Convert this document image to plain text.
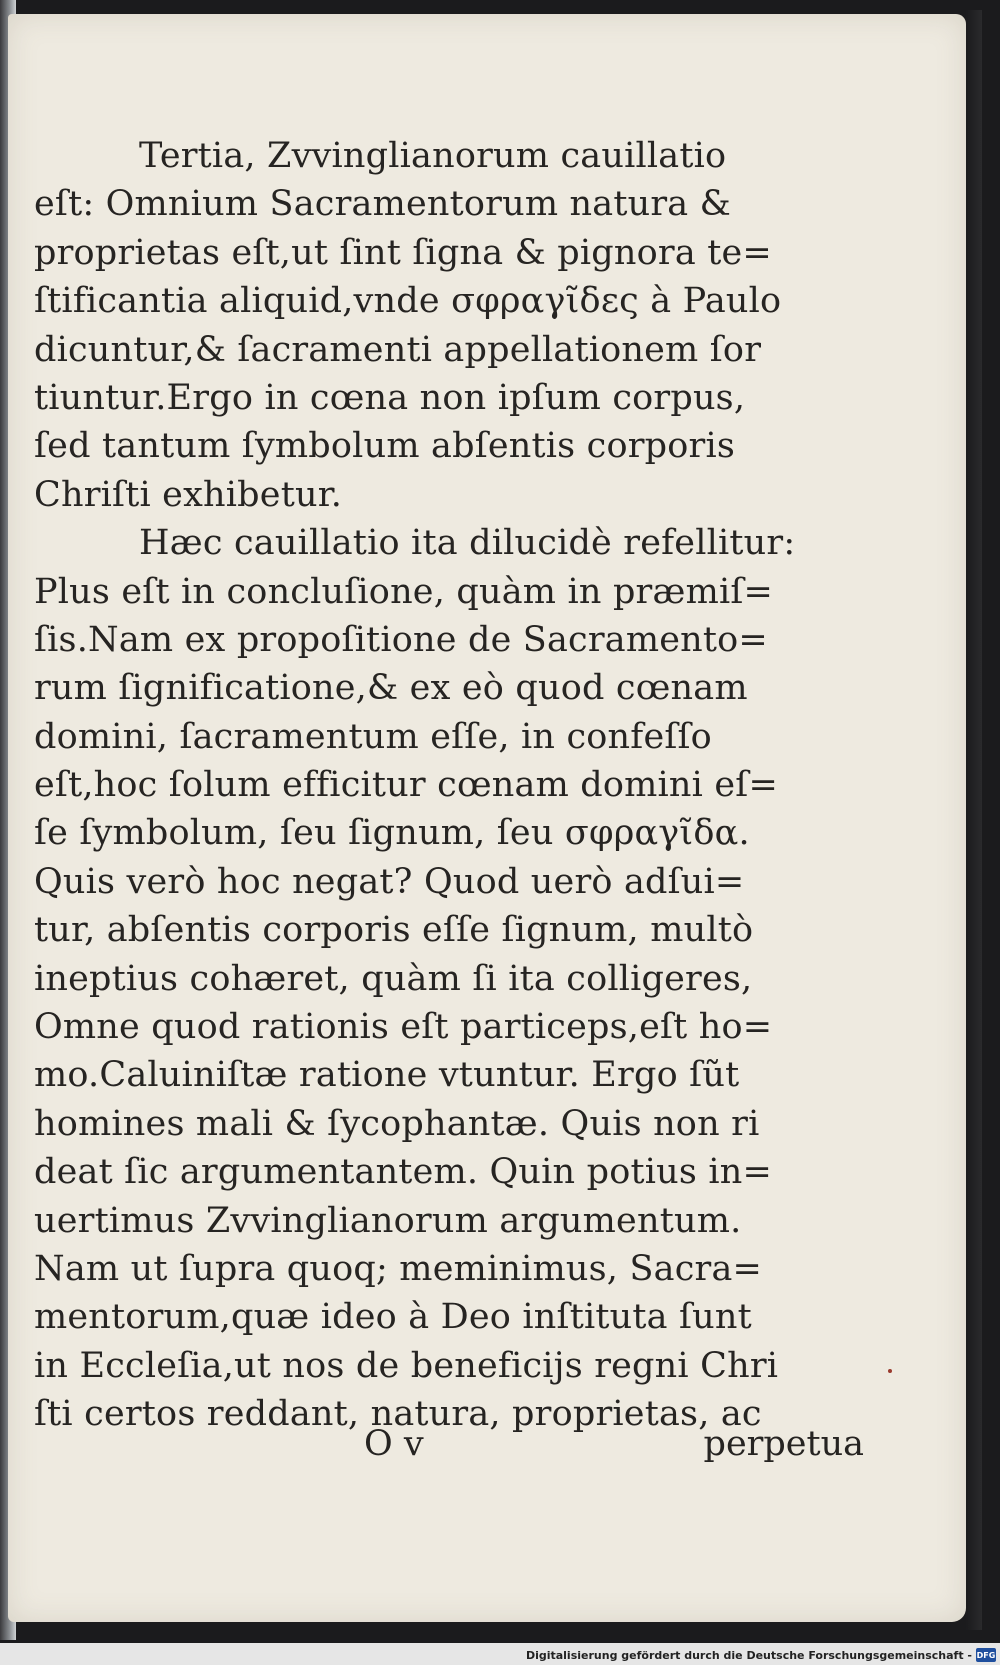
Tertia, Zvvinglianorum cauillatio
eſt: Omnium Sacramentorum natura &
proprietas eſt,ut ſint ſigna & pignora te=
ſtificantia aliquid,vnde σφραγῖδες à Paulo
dicuntur,& ſacramenti appellationem ſor
tiuntur.Ergo in cœna non ipſum corpus,
ſed tantum ſymbolum abſentis corporis
Chriſti exhibetur.
Hæc cauillatio ita dilucidè refellitur:
Plus eſt in concluſione, quàm in præmiſ=
ſis.Nam ex propoſitione de Sacramento=
rum ſignificatione,& ex eò quod cœnam
domini, ſacramentum eſſe, in confeſſo
eſt,hoc ſolum efficitur cœnam domini eſ=
ſe ſymbolum, ſeu ſignum, ſeu σφραγῖδα.
Quis verò hoc negat? Quod uerò adſui=
tur, abſentis corporis eſſe ſignum, multò
ineptius cohæret, quàm ſi ita colligeres,
Omne quod rationis eſt particeps,eſt ho=
mo.Caluiniſtæ ratione vtuntur. Ergo ſũt
homines mali & ſycophantæ. Quis non ri
deat ſic argumentantem. Quin potius in=
uertimus Zvvinglianorum argumentum.
Nam ut ſupra quoq; meminimus, Sacra=
mentorum,quæ ideo à Deo inſtituta ſunt
in Eccleſia,ut nos de beneficijs regni Chri
ſti certos reddant, natura, proprietas, ac
O v	perpetua
Digitalisierung gefördert durch die Deutsche Forschungsgemeinschaft - DFG
